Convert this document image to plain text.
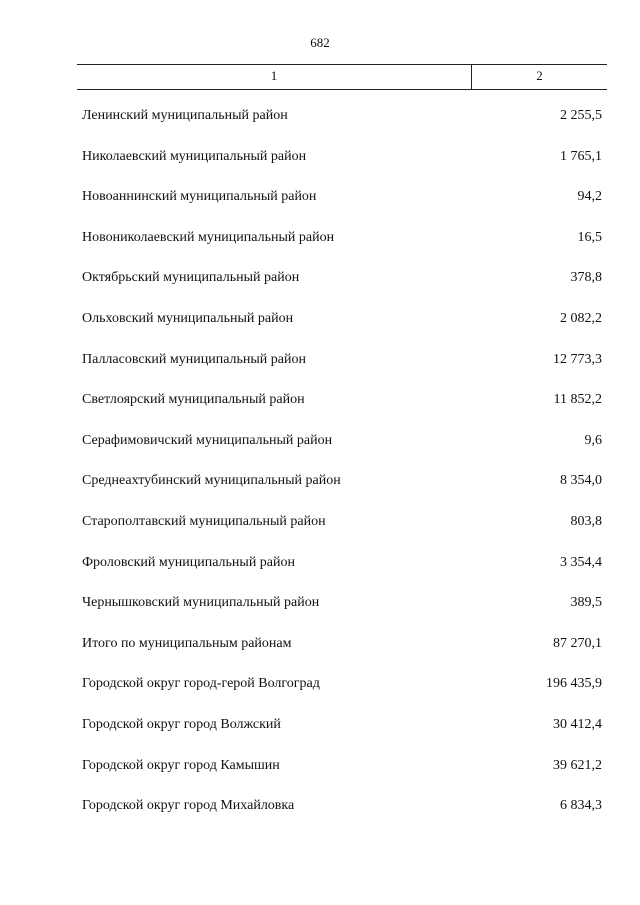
682
1	2
Ленинский муниципальный район	2 255,5
Николаевский муниципальный район	1 765,1
Новоаннинский муниципальный район	94,2
Новониколаевский муниципальный район	16,5
Октябрьский муниципальный район	378,8
Ольховский муниципальный район	2 082,2
Палласовский муниципальный район	12 773,3
Светлоярский муниципальный район	11 852,2
Серафимовичский муниципальный район	9,6
Среднеахтубинский муниципальный район	8 354,0
Старополтавский муниципальный район	803,8
Фроловский муниципальный район	3 354,4
Чернышковский муниципальный район	389,5
Итого по муниципальным районам	87 270,1
Городской округ город-герой Волгоград	196 435,9
Городской округ город Волжский	30 412,4
Городской округ город Камышин	39 621,2
Городской округ город Михайловка	6 834,3
